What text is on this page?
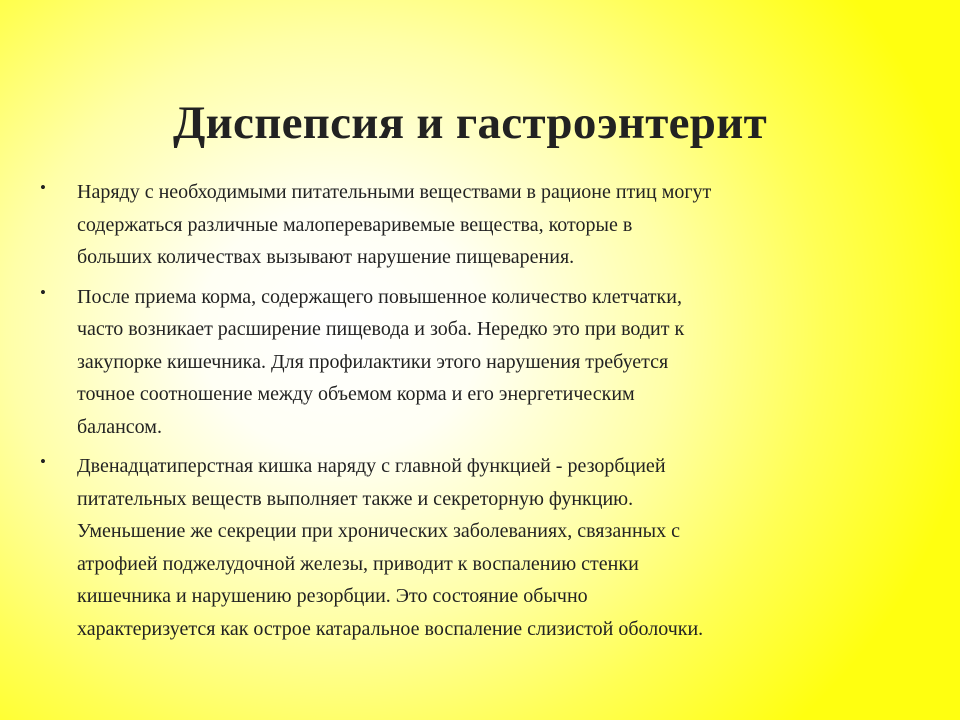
Диспепсия и гастроэнтерит
• Наряду с необходимыми питательными веществами в рационе птиц могут
содержаться различные малопереваривемые вещества, которые в
больших количествах вызывают нарушение пищеварения.

• После приема корма, содержащего повышенное количество клетчатки,
часто возникает расширение пищевода и зоба. Нередко это при водит к
закупорке кишечника. Для профилактики этого нарушения требуется
точное соотношение между объемом корма и его энергетическим
балансом.

• Двенадцатиперстная кишка наряду с главной функцией - резорбцией
питательных веществ выполняет также и секреторную функцию.
Уменьшение же секреции при хронических заболеваниях, связанных с
атрофией поджелудочной железы, приводит к воспалению стенки
кишечника и нарушению резорбции. Это состояние обычно
характеризуется как острое катаральное воспаление слизистой оболочки.
